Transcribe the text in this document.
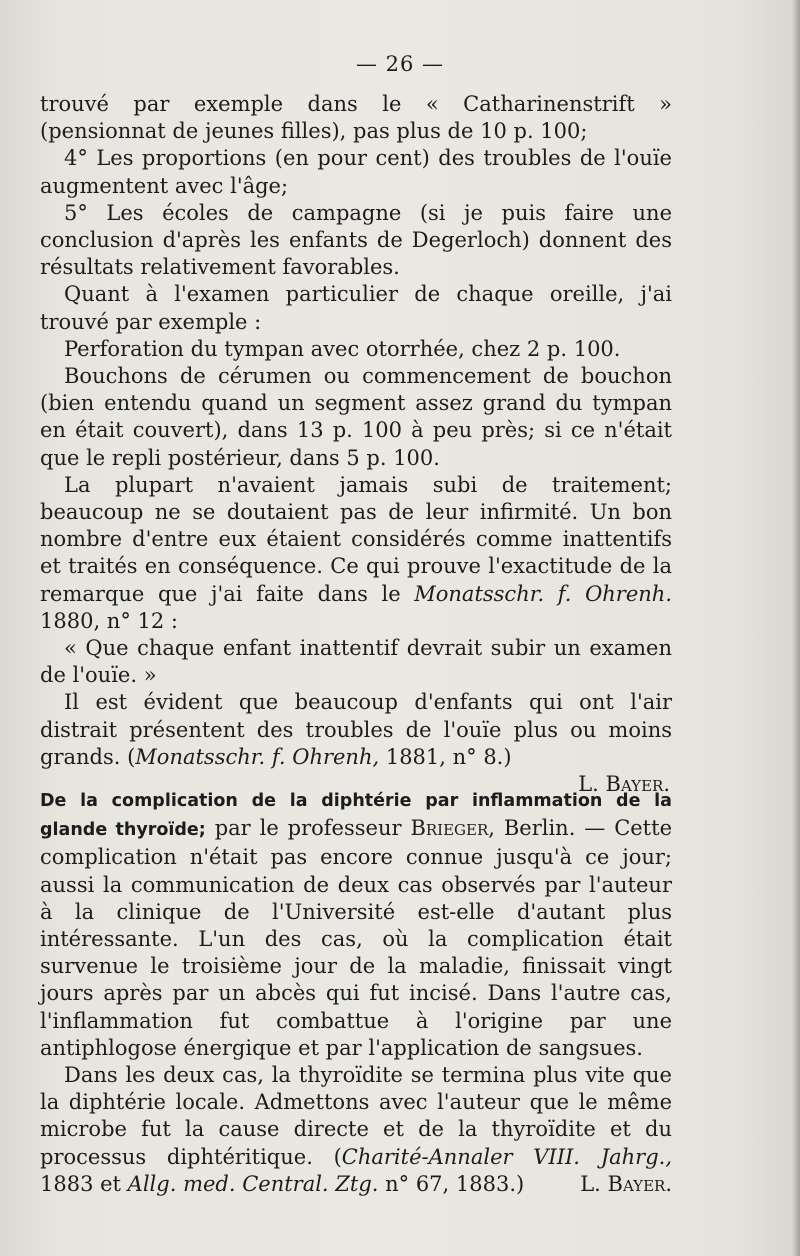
— 26 —

trouvé par exemple dans le « Catharinenstrift » (pensionnat de jeunes filles), pas plus de 10 p. 100;

4° Les proportions (en pour cent) des troubles de l'ouïe augmentent avec l'âge;

5° Les écoles de campagne (si je puis faire une conclusion d'après les enfants de Degerloch) donnent des résultats relativement favorables.

Quant à l'examen particulier de chaque oreille, j'ai trouvé par exemple :

Perforation du tympan avec otorrhée, chez 2 p. 100.

Bouchons de cérumen ou commencement de bouchon (bien entendu quand un segment assez grand du tympan en était couvert), dans 13 p. 100 à peu près; si ce n'était que le repli postérieur, dans 5 p. 100.

La plupart n'avaient jamais subi de traitement; beaucoup ne se doutaient pas de leur infirmité. Un bon nombre d'entre eux étaient considérés comme inattentifs et traités en conséquence. Ce qui prouve l'exactitude de la remarque que j'ai faite dans le Monatsschr. f. Ohrenh. 1880, n° 12 :

« Que chaque enfant inattentif devrait subir un examen de l'ouïe. »

Il est évident que beaucoup d'enfants qui ont l'air distrait présentent des troubles de l'ouïe plus ou moins grands. (Monatsschr. f. Ohrenh, 1881, n° 8.)

L. Bayer.

De la complication de la diphtérie par inflammation de la glande thyroïde; par le professeur Brieger, Berlin. — Cette complication n'était pas encore connue jusqu'à ce jour; aussi la communication de deux cas observés par l'auteur à la clinique de l'Université est-elle d'autant plus intéressante. L'un des cas, où la complication était survenue le troisième jour de la maladie, finissait vingt jours après par un abcès qui fut incisé. Dans l'autre cas, l'inflammation fut combattue à l'origine par une antiphlogose énergique et par l'application de sangsues.

Dans les deux cas, la thyroïdite se termina plus vite que la diphtérie locale. Admettons avec l'auteur que le même microbe fut la cause directe et de la thyroïdite et du processus diphtéritique. (Charité-Annaler VIII. Jahrg., 1883 et Allg. med. Central. Ztg. n° 67, 1883.)	L. Bayer.
